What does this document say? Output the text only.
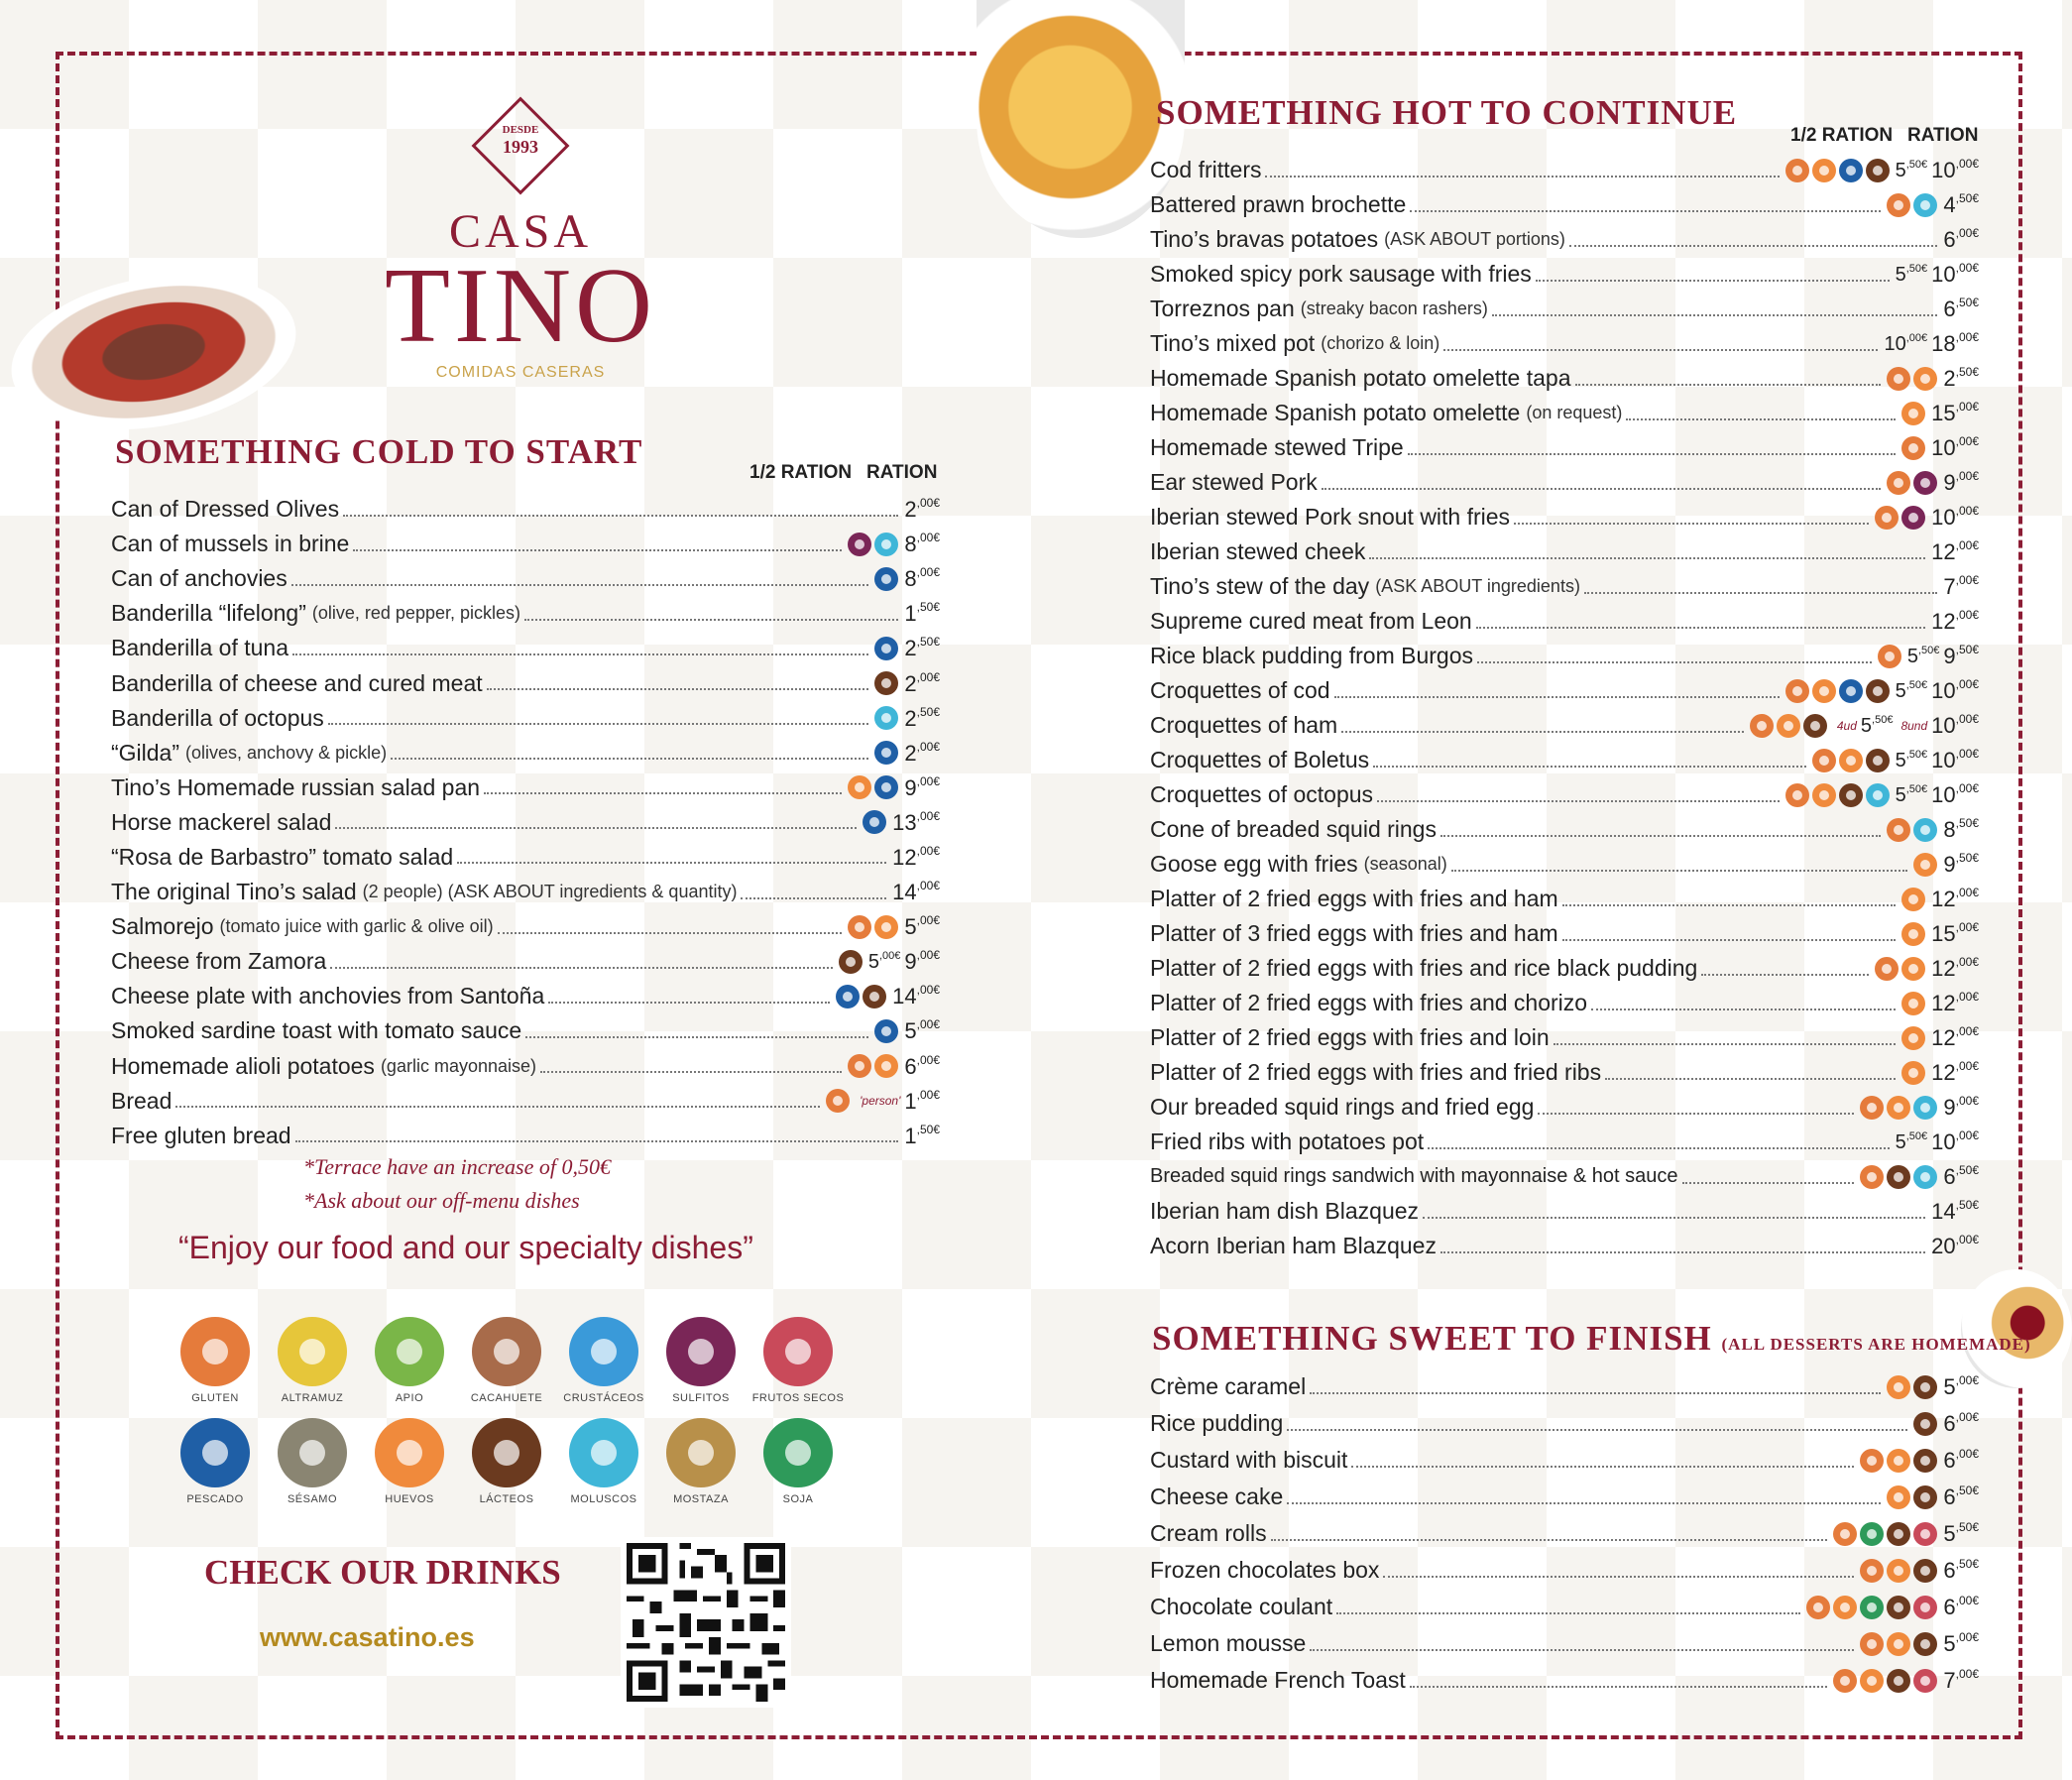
DESDE
1993
CASA
TINO
COMIDAS CASERAS
SOMETHING COLD TO START
1/2 RATION RATION
Can of Dressed Olives	$2^{,00€}$
Can of mussels in brine	$8^{,00€}$
Can of anchovies	$8^{,00€}$
Banderilla “lifelong” (olive, red pepper, pickles)	$1^{,50€}$
Banderilla of tuna	$2^{,50€}$
Banderilla of cheese and cured meat	$2^{,00€}$
Banderilla of octopus	$2^{,50€}$
“Gilda” (olives, anchovy & pickle)	$2^{,00€}$
Tino’s Homemade russian salad pan	$9^{,00€}$
Horse mackerel salad	$13^{,00€}$
“Rosa de Barbastro” tomato salad	$12^{,00€}$
The original Tino’s salad (2 people) (ASK ABOUT ingredients & quantity)	$14^{,00€}$
Salmorejo (tomato juice with garlic & olive oil)	$5^{,00€}$
Cheese from Zamora	$5^{,00€}$ $9^{,00€}$
Cheese plate with anchovies from Santoña	$14^{,00€}$
Smoked sardine toast with tomato sauce	$5^{,00€}$
Homemade alioli potatoes (garlic mayonnaise)	$6^{,00€}$
Bread	'person' $1^{,00€}$
Free gluten bread	$1^{,50€}$
*Terrace have an increase of 0,50€
*Ask about our off-menu dishes
“Enjoy our food and our specialty dishes”
GLUTEN	ALTRAMUZ	APIO	CACAHUETE	CRUSTÁCEOS	SULFITOS	FRUTOS SECOS
PESCADO	SÉSAMO	HUEVOS	LÁCTEOS	MOLUSCOS	MOSTAZA	SOJA
CHECK OUR DRINKS
www.casatino.es
SOMETHING HOT TO CONTINUE
1/2 RATION RATION
Cod fritters	$5^{,50€}$ $10^{,00€}$
Battered prawn brochette	$4^{,50€}$
Tino’s bravas potatoes (ASK ABOUT portions)	$6^{,00€}$
Smoked spicy pork sausage with fries	$5^{,50€}$ $10^{,00€}$
Torreznos pan (streaky bacon rashers)	$6^{,50€}$
Tino’s mixed pot (chorizo & loin)	$10^{,00€}$ $18^{,00€}$
Homemade Spanish potato omelette tapa	$2^{,50€}$
Homemade Spanish potato omelette (on request)	$15^{,00€}$
Homemade stewed Tripe	$10^{,00€}$
Ear stewed Pork	$9^{,00€}$
Iberian stewed Pork snout with fries	$10^{,00€}$
Iberian stewed cheek	$12^{,00€}$
Tino’s stew of the day (ASK ABOUT ingredients)	$7^{,00€}$
Supreme cured meat from Leon	$12^{,00€}$
Rice black pudding from Burgos	$5^{,50€}$ $9^{,50€}$
Croquettes of cod	$5^{,50€}$ $10^{,00€}$
Croquettes of ham	4ud $5^{,50€}$ 8und $10^{,00€}$
Croquettes of Boletus	$5^{,50€}$ $10^{,00€}$
Croquettes of octopus	$5^{,50€}$ $10^{,00€}$
Cone of breaded squid rings	$8^{,50€}$
Goose egg with fries (seasonal)	$9^{,50€}$
Platter of 2 fried eggs with fries and ham	$12^{,00€}$
Platter of 3 fried eggs with fries and ham	$15^{,00€}$
Platter of 2 fried eggs with fries and rice black pudding	$12^{,00€}$
Platter of 2 fried eggs with fries and chorizo	$12^{,00€}$
Platter of 2 fried eggs with fries and loin	$12^{,00€}$
Platter of 2 fried eggs with fries and fried ribs	$12^{,00€}$
Our breaded squid rings and fried egg	$9^{,00€}$
Fried ribs with potatoes pot	$5^{,50€}$ $10^{,00€}$
Breaded squid rings sandwich with mayonnaise & hot sauce	$6^{,50€}$
Iberian ham dish Blazquez	$14^{,50€}$
Acorn Iberian ham Blazquez	$20^{,00€}$
SOMETHING SWEET TO FINISH (ALL DESSERTS ARE HOMEMADE)
Crème caramel	$5^{,00€}$
Rice pudding	$6^{,00€}$
Custard with biscuit	$6^{,00€}$
Cheese cake	$6^{,50€}$
Cream rolls	$5^{,50€}$
Frozen chocolates box	$6^{,50€}$
Chocolate coulant	$6^{,00€}$
Lemon mousse	$5^{,00€}$
Homemade French Toast	$7^{,00€}$
